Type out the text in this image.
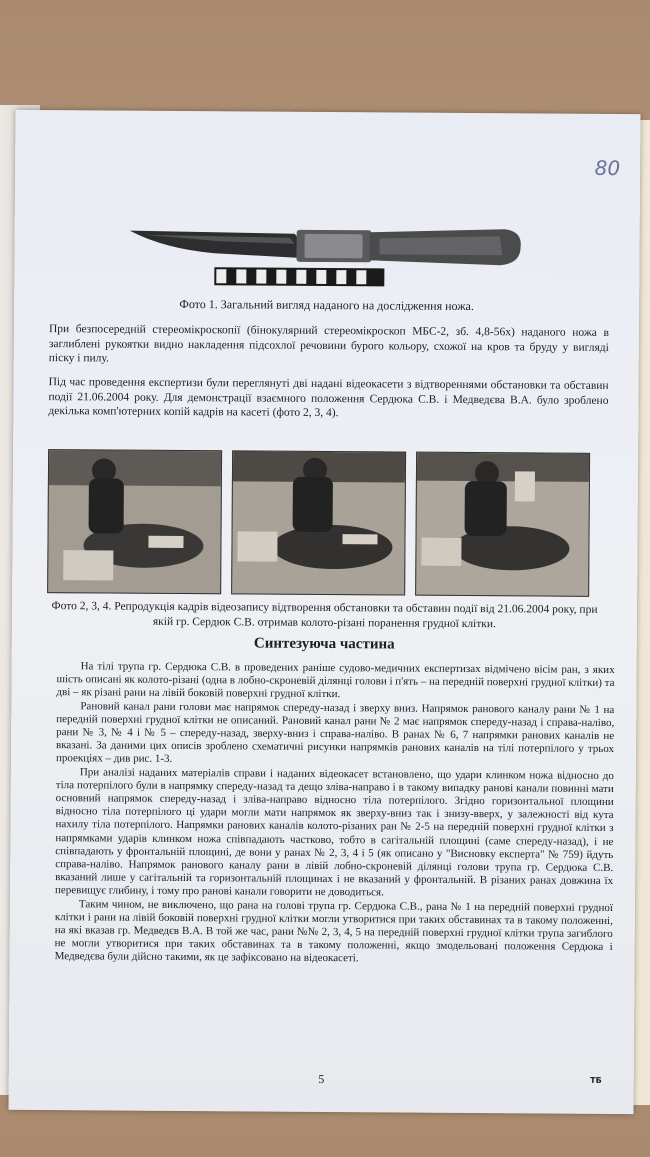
80
Фото 1. Загальний вигляд наданого на дослідження ножа.
При безпосередній стереомікроскопії (бінокулярний стереомікроскоп МБС-2, зб. 4,8-56х) наданого ножа в заглиблені рукоятки видно накладення підсохлої речовини бурого кольору, схожої на кров та бруду у вигляді піску і пилу.
Під час проведення експертизи були переглянуті дві надані відеокасети з відтвореннями обстановки та обставин події 21.06.2004 року. Для демонстрації взаємного положення Сердюка С.В. і Медведєва В.А. було зроблено декілька комп'ютерних копій кадрів на касеті (фото 2, 3, 4).
Фото 2, 3, 4. Репродукція кадрів відеозапису відтворення обстановки та обставин події від 21.06.2004 року, при якій гр. Сердюк С.В. отримав колото-різані поранення грудної клітки.
Синтезуюча частина

На тілі трупа гр. Сердюка С.В. в проведених раніше судово-медичних експертизах відмічено вісім ран, з яких шість описані як колото-різані (одна в лобно-скроневій ділянці голови і п'ять – на передній поверхні грудної клітки) та дві – як різані рани на лівій боковій поверхні грудної клітки.

Рановий канал рани голови має напрямок спереду-назад і зверху вниз. Напрямок ранового каналу рани № 1 на передній поверхні грудної клітки не описаний. Рановий канал рани № 2 має напрямок спереду-назад і справа-наліво, рани № 3, № 4 і № 5 – спереду-назад, зверху-вниз і справа-наліво. В ранах № 6, 7 напрямки ранових каналів не вказані. За даними цих описів зроблено схематичні рисунки напрямків ранових каналів на тілі потерпілого у трьох проекціях – див рис. 1-3.

При аналізі наданих матеріалів справи і наданих відеокасет встановлено, що удари клинком ножа відносно до тіла потерпілого були в напрямку спереду-назад та дещо зліва-направо і в такому випадку рановi канали повинні мати основний напрямок спереду-назад і зліва-направо відносно тіла потерпілого. Згідно горизонтальної площини відносно тіла потерпілого ці удари могли мати напрямок як зверху-вниз так і знизу-вверх, у залежності від кута нахилу тіла потерпілого. Напрямки ранових каналів колото-різаних ран № 2-5 на передній поверхні грудної клітки з напрямками ударів клинком ножа співпадають частково, тобто в сагітальній площині (саме спереду-назад), і не співпадають у фронтальній площині, де вони у ранах № 2, 3, 4 і 5 (як описано у "Висновку експерта" № 759) йдуть справа-наліво. Напрямок ранового каналу рани в лівій лобно-скроневій ділянці голови трупа гр. Сердюка С.В. вказаний лише у сагітальній та горизонтальній площинах і не вказаний у фронтальній. В різаних ранах довжина їх перевищує глибину, і тому про ранові канали говорити не доводиться.

Таким чином, не виключено, що рана на голові трупа гр. Сердюка С.В., рана № 1 на передній поверхні грудної клітки і рани на лівій боковій поверхні грудної клітки могли утворитися при таких обставинах та в такому положенні, на які вказав гр. Медведєв В.А. В той же час, рани №№ 2, 3, 4, 5 на передній поверхні грудної клітки трупа загиблого не могли утворитися при таких обставинах та в такому положенні, якщо змодельовані положення Сердюка і Медведєва були дійсно такими, як це зафіксовано на відеокасеті.

5	ТБ
